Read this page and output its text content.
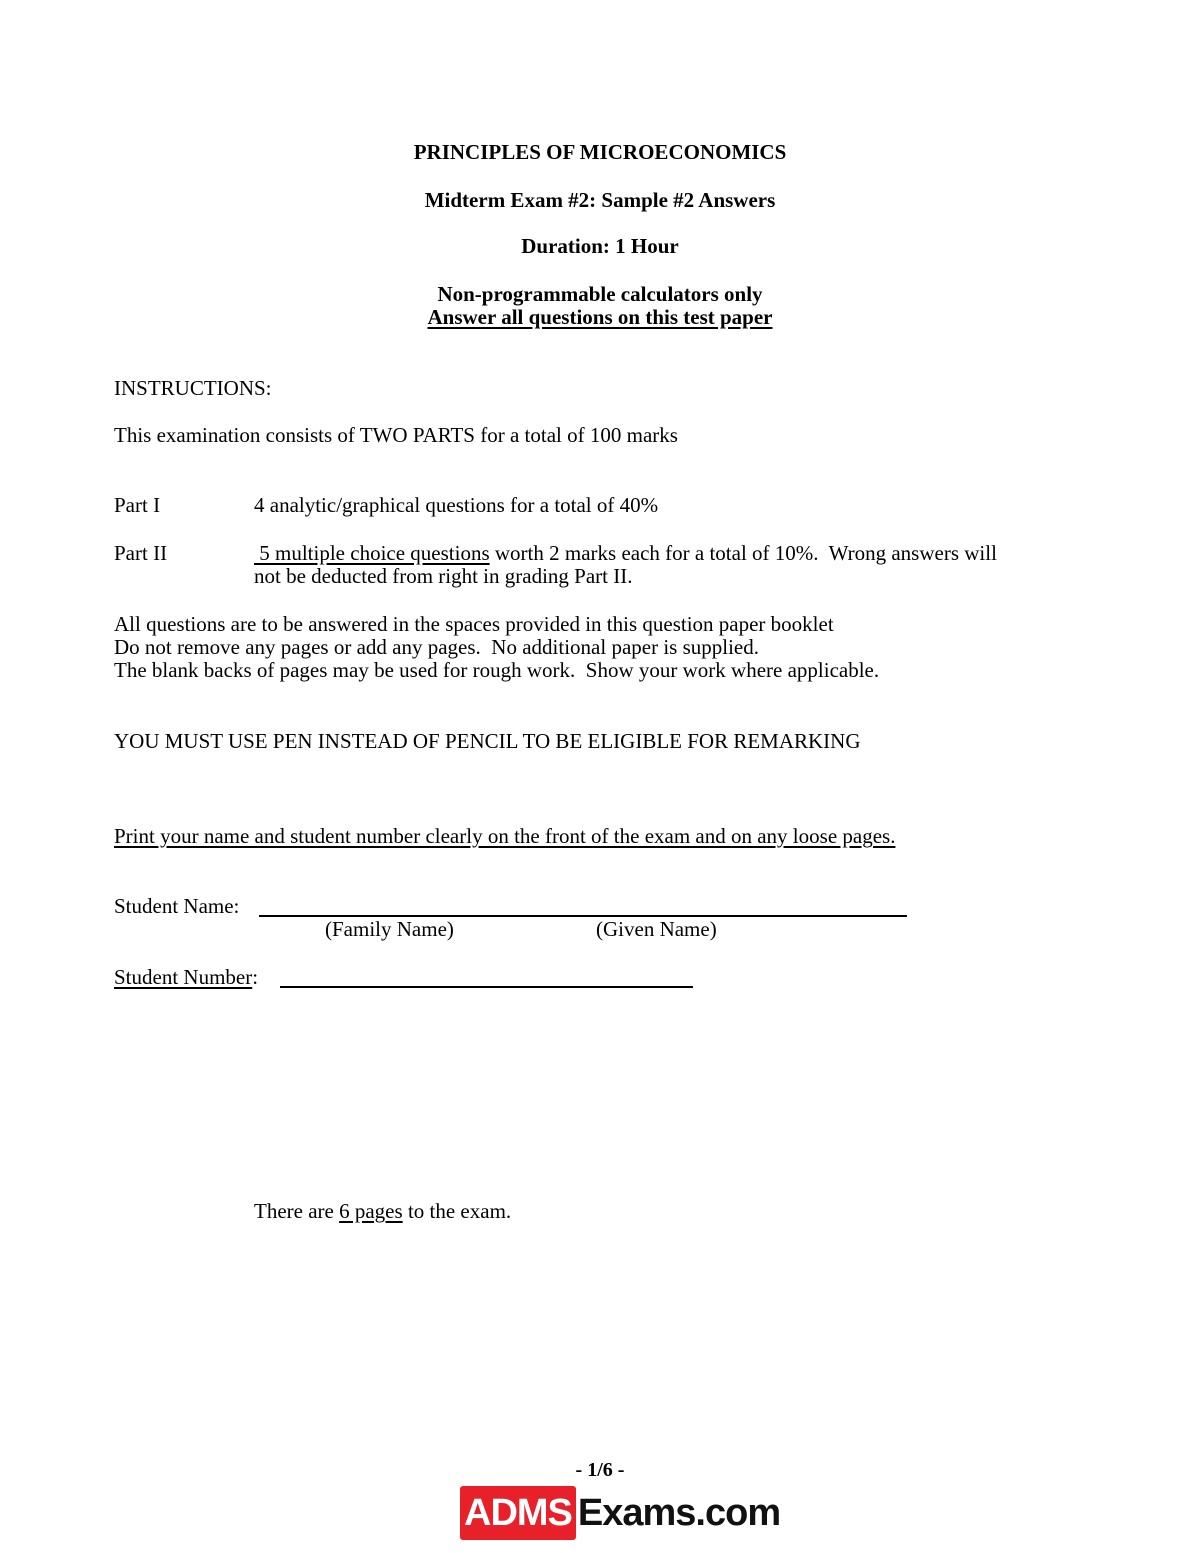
PRINCIPLES OF MICROECONOMICS
Midterm Exam #2: Sample #2 Answers
Duration: 1 Hour
Non-programmable calculators only
Answer all questions on this test paper
INSTRUCTIONS:
This examination consists of TWO PARTS for a total of 100 marks
Part I	4 analytic/graphical questions for a total of 40%
Part II	5 multiple choice questions worth 2 marks each for a total of 10%.  Wrong answers will
not be deducted from right in grading Part II.
All questions are to be answered in the spaces provided in this question paper booklet
Do not remove any pages or add any pages.  No additional paper is supplied.
The blank backs of pages may be used for rough work.  Show your work where applicable.
YOU MUST USE PEN INSTEAD OF PENCIL TO BE ELIGIBLE FOR REMARKING
Print your name and student number clearly on the front of the exam and on any loose pages.
Student Name:
(Family Name)	(Given Name)
Student Number:
There are 6 pages to the exam.
- 1/6 -
ADMS Exams.com
